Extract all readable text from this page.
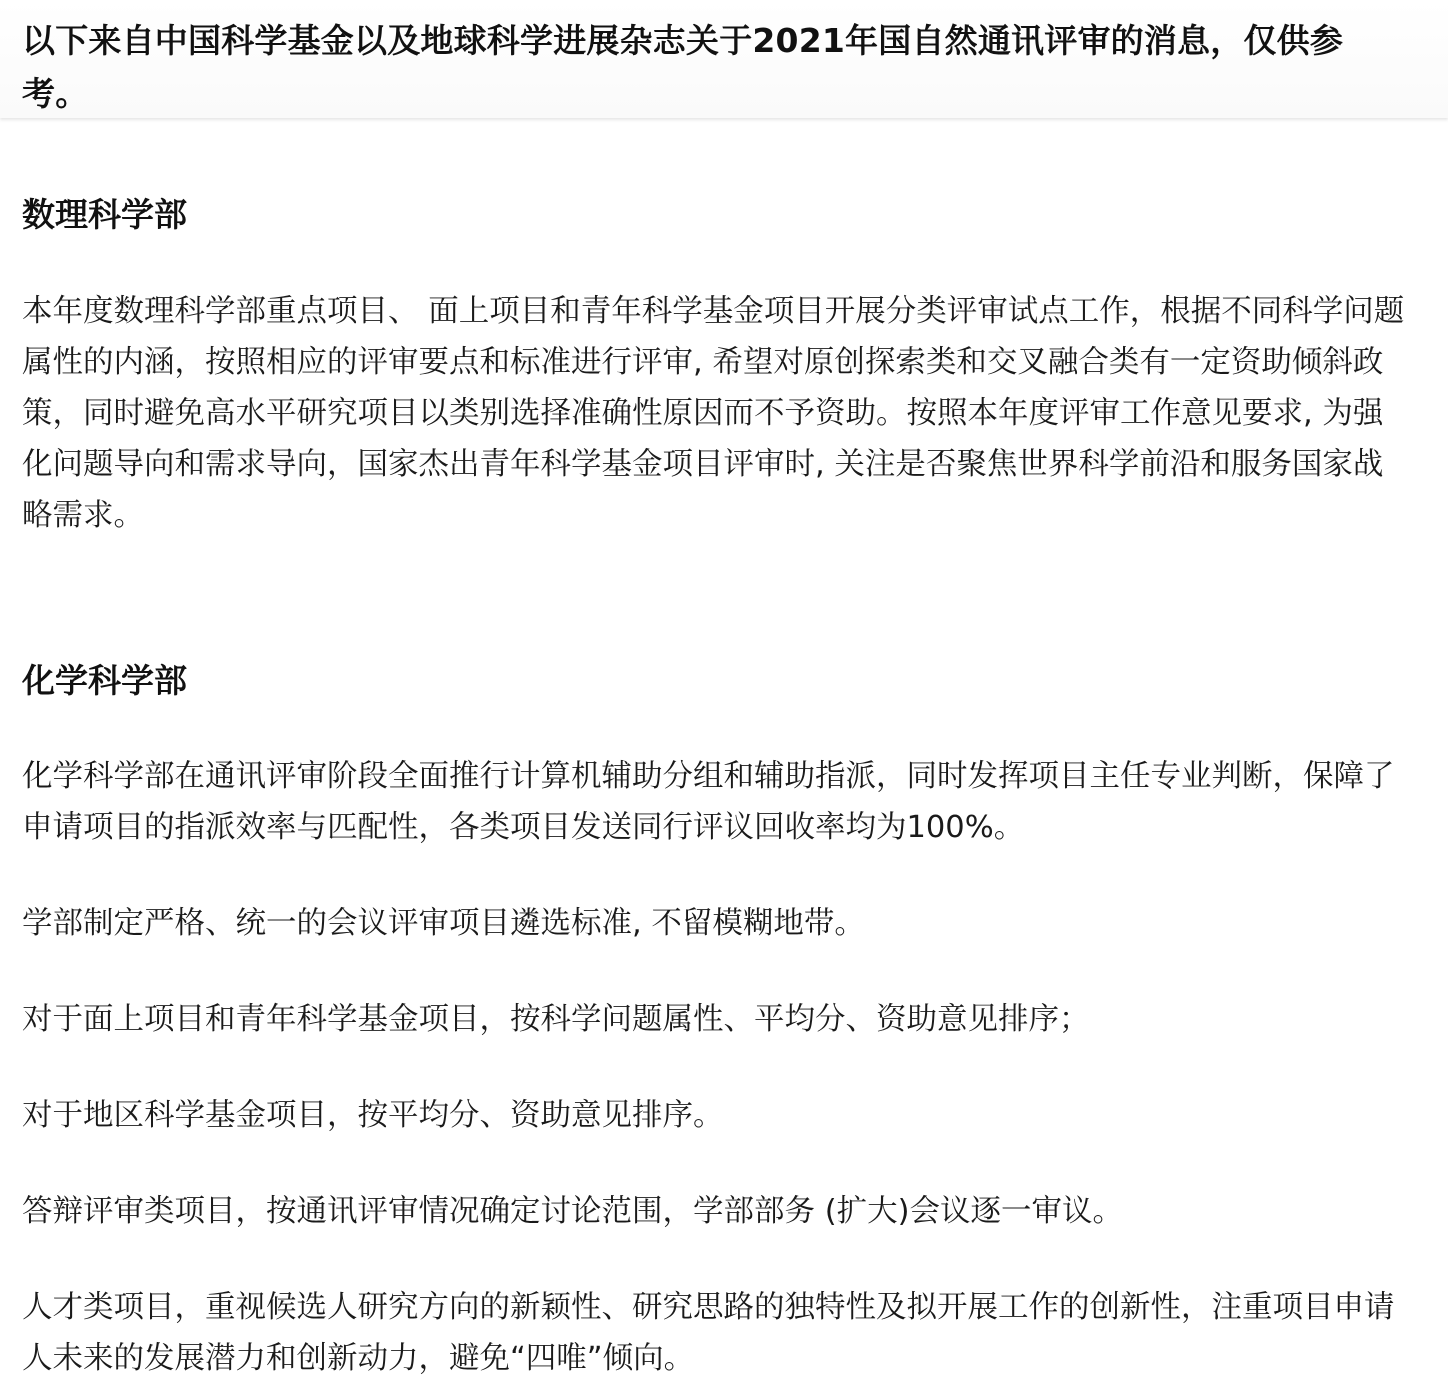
以下来自中国科学基金以及地球科学进展杂志关于2021年国自然通讯评审的消息，仅供参考。

数理科学部

本年度数理科学部重点项目、 面上项目和青年科学基金项目开展分类评审试点工作，根据不同科学问题属性的内涵，按照相应的评审要点和标准进行评审, 希望对原创探索类和交叉融合类有一定资助倾斜政策，同时避免高水平研究项目以类别选择准确性原因而不予资助。按照本年度评审工作意见要求, 为强化问题导向和需求导向，国家杰出青年科学基金项目评审时, 关注是否聚焦世界科学前沿和服务国家战略需求。

化学科学部

化学科学部在通讯评审阶段全面推行计算机辅助分组和辅助指派，同时发挥项目主任专业判断，保障了申请项目的指派效率与匹配性，各类项目发送同行评议回收率均为100%。

学部制定严格、统一的会议评审项目遴选标准, 不留模糊地带。

对于面上项目和青年科学基金项目，按科学问题属性、平均分、资助意见排序；

对于地区科学基金项目，按平均分、资助意见排序。

答辩评审类项目，按通讯评审情况确定讨论范围，学部部务 (扩大)会议逐一审议。

人才类项目，重视候选人研究方向的新颖性、研究思路的独特性及拟开展工作的创新性，注重项目申请人未来的发展潜力和创新动力，避免“四唯”倾向。
